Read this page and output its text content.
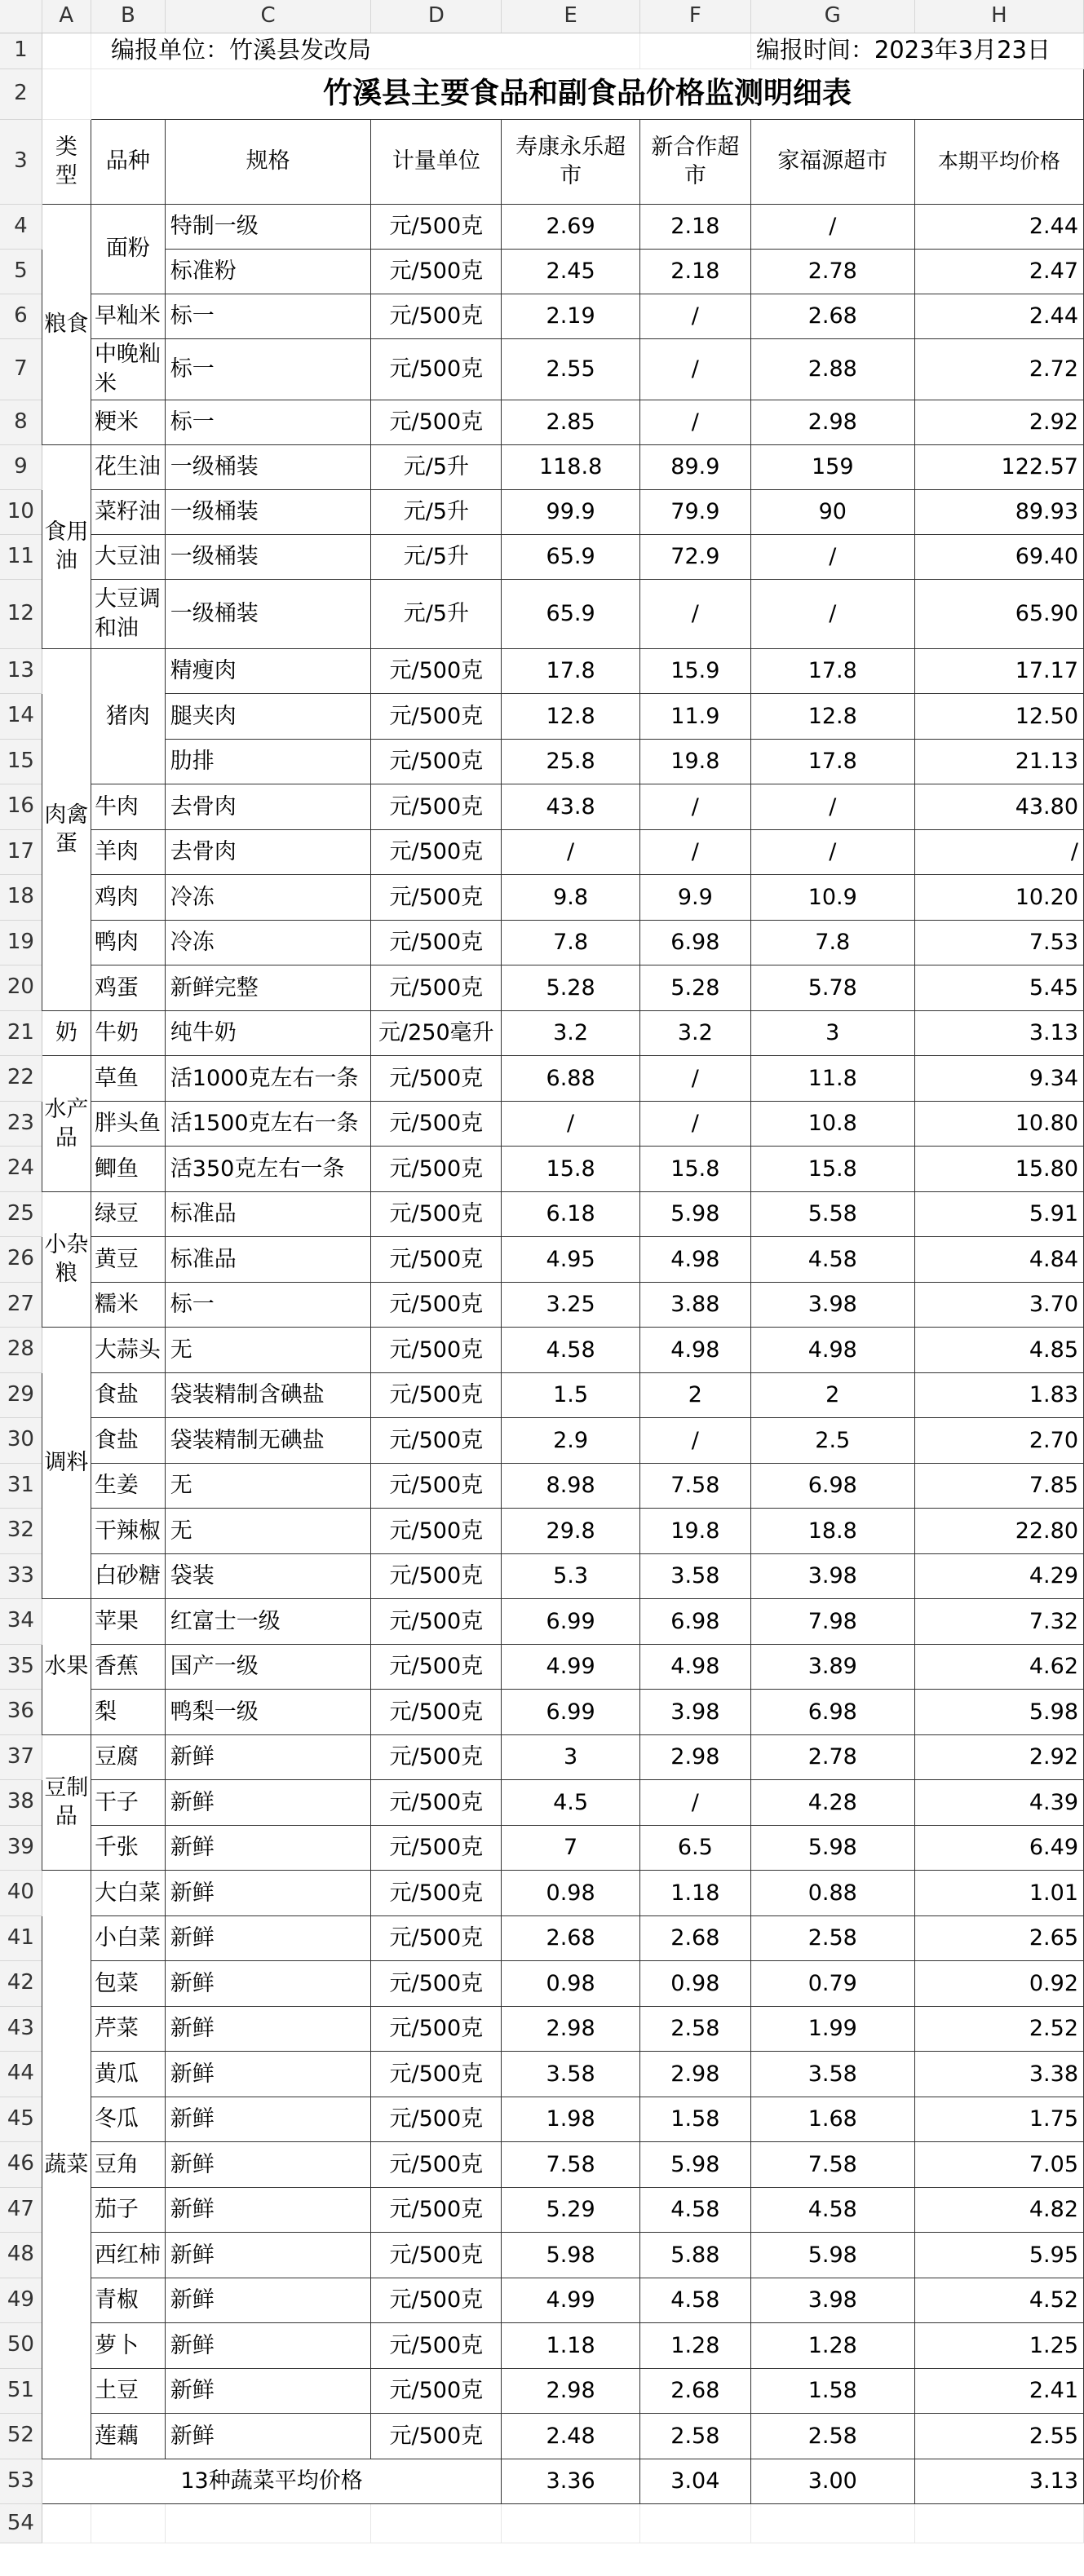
	A	B	C	D	E	F	G	H
1		编报单位：竹溪县发改局					编报时间：2023年3月23日	
2		竹溪县主要食品和副食品价格监测明细表						
3	类型	品种	规格	计量单位	寿康永乐超市	新合作超市	家福源超市	本期平均价格
4	粮食	面粉	特制一级	元/500克	2.69	2.18	/	2.44
5			标准粉	元/500克	2.45	2.18	2.78	2.47
6		早籼米	标一	元/500克	2.19	/	2.68	2.44
7		中晚籼米	标一	元/500克	2.55	/	2.88	2.72
8		粳米	标一	元/500克	2.85	/	2.98	2.92
9	食用油	花生油	一级桶装	元/5升	118.8	89.9	159	122.57
10		菜籽油	一级桶装	元/5升	99.9	79.9	90	89.93
11		大豆油	一级桶装	元/5升	65.9	72.9	/	69.40
12		大豆调和油	一级桶装	元/5升	65.9	/	/	65.90
13	肉禽蛋	猪肉	精瘦肉	元/500克	17.8	15.9	17.8	17.17
14			腿夹肉	元/500克	12.8	11.9	12.8	12.50
15			肋排	元/500克	25.8	19.8	17.8	21.13
16		牛肉	去骨肉	元/500克	43.8	/	/	43.80
17		羊肉	去骨肉	元/500克	/	/	/	/
18		鸡肉	冷冻	元/500克	9.8	9.9	10.9	10.20
19		鸭肉	冷冻	元/500克	7.8	6.98	7.8	7.53
20		鸡蛋	新鲜完整	元/500克	5.28	5.28	5.78	5.45
21	奶	牛奶	纯牛奶	元/250毫升	3.2	3.2	3	3.13
22	水产品	草鱼	活1000克左右一条	元/500克	6.88	/	11.8	9.34
23		胖头鱼	活1500克左右一条	元/500克	/	/	10.8	10.80
24		鲫鱼	活350克左右一条	元/500克	15.8	15.8	15.8	15.80
25	小杂粮	绿豆	标准品	元/500克	6.18	5.98	5.58	5.91
26		黄豆	标准品	元/500克	4.95	4.98	4.58	4.84
27		糯米	标一	元/500克	3.25	3.88	3.98	3.70
28	调料	大蒜头	无	元/500克	4.58	4.98	4.98	4.85
29		食盐	袋装精制含碘盐	元/500克	1.5	2	2	1.83
30		食盐	袋装精制无碘盐	元/500克	2.9	/	2.5	2.70
31		生姜	无	元/500克	8.98	7.58	6.98	7.85
32		干辣椒	无	元/500克	29.8	19.8	18.8	22.80
33		白砂糖	袋装	元/500克	5.3	3.58	3.98	4.29
34	水果	苹果	红富士一级	元/500克	6.99	6.98	7.98	7.32
35		香蕉	国产一级	元/500克	4.99	4.98	3.89	4.62
36		梨	鸭梨一级	元/500克	6.99	3.98	6.98	5.98
37	豆制品	豆腐	新鲜	元/500克	3	2.98	2.78	2.92
38		干子	新鲜	元/500克	4.5	/	4.28	4.39
39		千张	新鲜	元/500克	7	6.5	5.98	6.49
40	蔬菜	大白菜	新鲜	元/500克	0.98	1.18	0.88	1.01
41		小白菜	新鲜	元/500克	2.68	2.68	2.58	2.65
42		包菜	新鲜	元/500克	0.98	0.98	0.79	0.92
43		芹菜	新鲜	元/500克	2.98	2.58	1.99	2.52
44		黄瓜	新鲜	元/500克	3.58	2.98	3.58	3.38
45		冬瓜	新鲜	元/500克	1.98	1.58	1.68	1.75
46		豆角	新鲜	元/500克	7.58	5.98	7.58	7.05
47		茄子	新鲜	元/500克	5.29	4.58	4.58	4.82
48		西红柿	新鲜	元/500克	5.98	5.88	5.98	5.95
49		青椒	新鲜	元/500克	4.99	4.58	3.98	4.52
50		萝卜	新鲜	元/500克	1.18	1.28	1.28	1.25
51		土豆	新鲜	元/500克	2.98	2.68	1.58	2.41
52		莲藕	新鲜	元/500克	2.48	2.58	2.58	2.55
53	13种蔬菜平均价格				3.36	3.04	3.00	3.13
54								
